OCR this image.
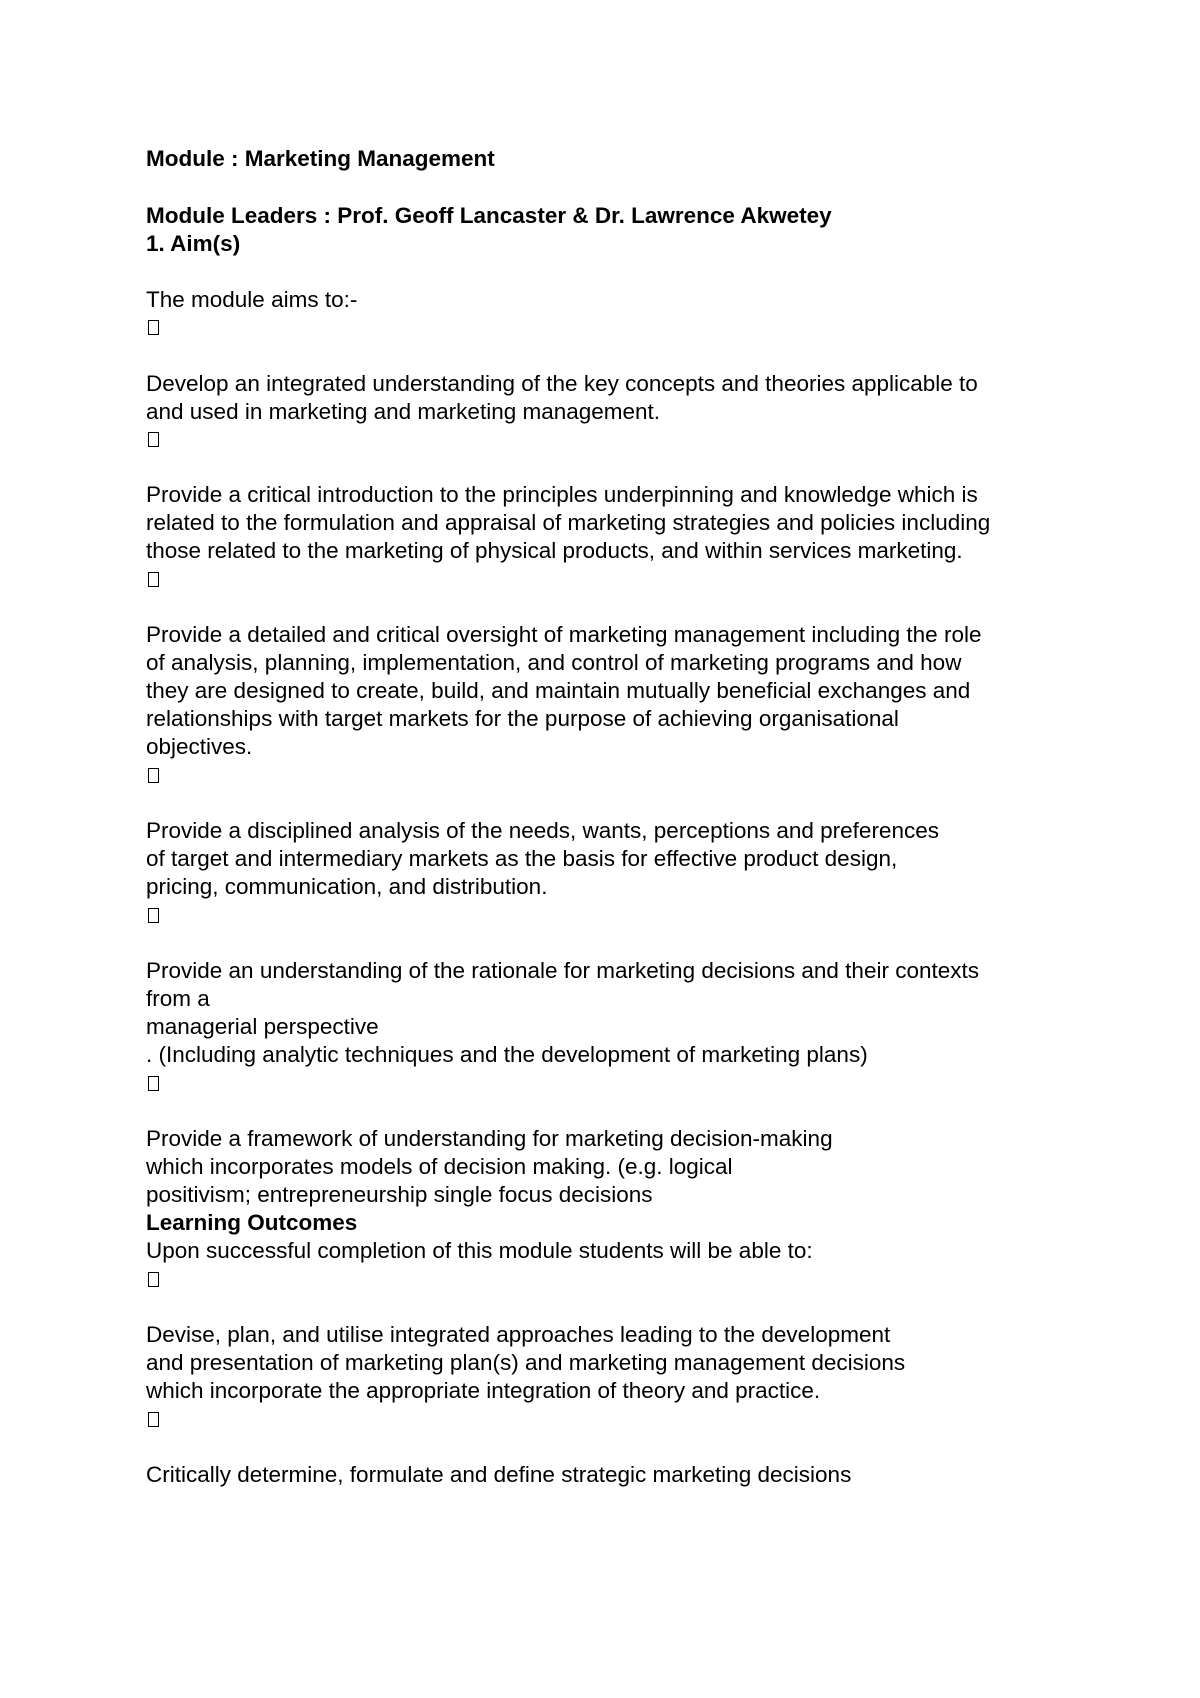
Module : Marketing Management
Module Leaders : Prof. Geoff Lancaster & Dr. Lawrence Akwetey
1. Aim(s)
The module aims to:-
Develop an integrated understanding of the key concepts and theories applicable to
and used in marketing and marketing management.
Provide a critical introduction to the principles underpinning and knowledge which is
related to the formulation and appraisal of marketing strategies and policies including
those related to the marketing of physical products, and within services marketing.
Provide a detailed and critical oversight of marketing management including the role
of analysis, planning, implementation, and control of marketing programs and how
they are designed to create, build, and maintain mutually beneficial exchanges and
relationships with target markets for the purpose of achieving organisational
objectives.
Provide a disciplined analysis of the needs, wants, perceptions and preferences
of target and intermediary markets as the basis for effective product design,
pricing, communication, and distribution.
Provide an understanding of the rationale for marketing decisions and their contexts
from a
managerial perspective
. (Including analytic techniques and the development of marketing plans)
Provide a framework of understanding for marketing decision-making
which incorporates models of decision making. (e.g. logical
positivism; entrepreneurship single focus decisions
Learning Outcomes
Upon successful completion of this module students will be able to:
Devise, plan, and utilise integrated approaches leading to the development
and presentation of marketing plan(s) and marketing management decisions
which incorporate the appropriate integration of theory and practice.
Critically determine, formulate and define strategic marketing decisions
